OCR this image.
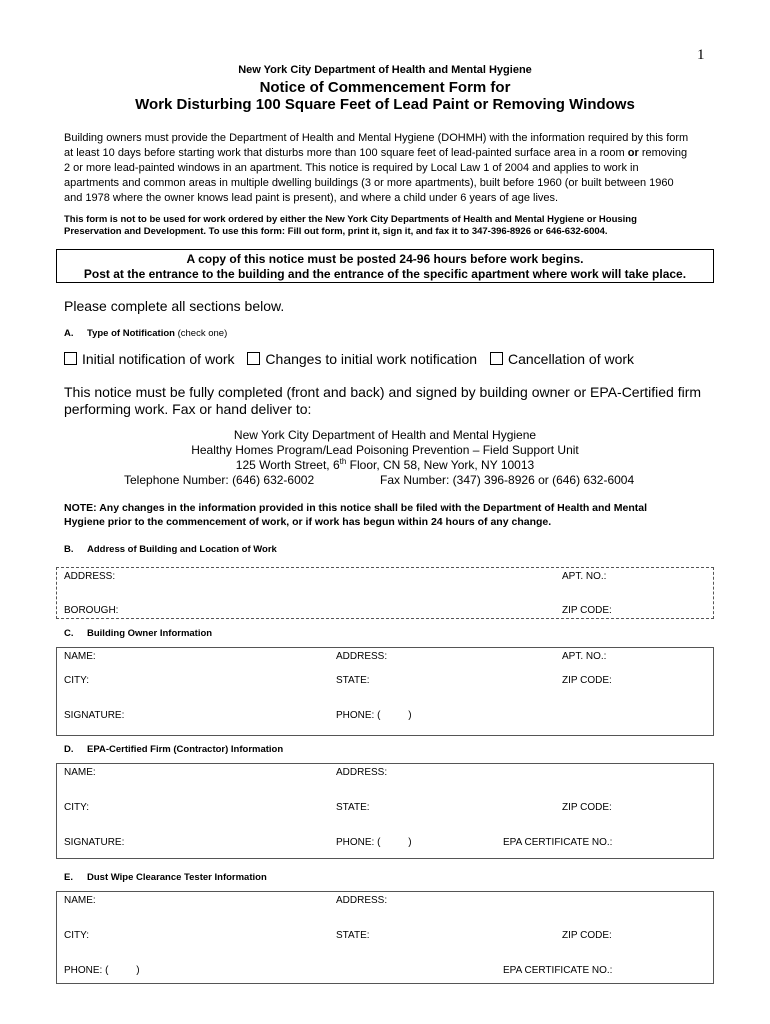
1
New York City Department of Health and Mental Hygiene
Notice of Commencement Form for
Work Disturbing 100 Square Feet of Lead Paint or Removing Windows

Building owners must provide the Department of Health and Mental Hygiene (DOHMH) with the information required by this form

at least 10 days before starting work that disturbs more than 100 square feet of lead-painted surface area in a room or removing

2 or more lead-painted windows in an apartment. This notice is required by Local Law 1 of 2004 and applies to work in

apartments and common areas in multiple dwelling buildings (3 or more apartments), built before 1960 (or built between 1960

and 1978 where the owner knows lead paint is present), and where a child under 6 years of age lives.

This form is not to be used for work ordered by either the New York City Departments of Health and Mental Hygiene or Housing

Preservation and Development. To use this form: Fill out form, print it, sign it, and fax it to 347-396-8926 or 646-632-6004.

A copy of this notice must be posted 24-96 hours before work begins.

Post at the entrance to the building and the entrance of the specific apartment where work will take place.

Please complete all sections below.
A. Type of Notification (check one)
Initial notification of work Changes to initial work notification Cancellation of work

This notice must be fully completed (front and back) and signed by building owner or EPA-Certified firm

performing work. Fax or hand deliver to:

New York City Department of Health and Mental Hygiene

Healthy Homes Program/Lead Poisoning Prevention – Field Support Unit

125 Worth Street, 6th Floor, CN 58, New York, NY 10013

Telephone Number: (646) 632-6002	Fax Number: (347) 396-8926 or (646) 632-6004

NOTE: Any changes in the information provided in this notice shall be filed with the Department of Health and Mental

Hygiene prior to the commencement of work, or if work has begun within 24 hours of any change.

B. Address of Building and Location of Work
ADDRESS:	APT. NO.:
BOROUGH:	ZIP CODE:
C. Building Owner Information
NAME:	ADDRESS:	APT. NO.:
CITY:	STATE:	ZIP CODE:
SIGNATURE:	PHONE: (          )
D. EPA-Certified Firm (Contractor) Information
NAME:	ADDRESS:
CITY:	STATE:	ZIP CODE:
SIGNATURE:	PHONE: (          )	EPA CERTIFICATE NO.:
E. Dust Wipe Clearance Tester Information
NAME:	ADDRESS:
CITY:	STATE:	ZIP CODE:
PHONE: (          )	EPA CERTIFICATE NO.:
